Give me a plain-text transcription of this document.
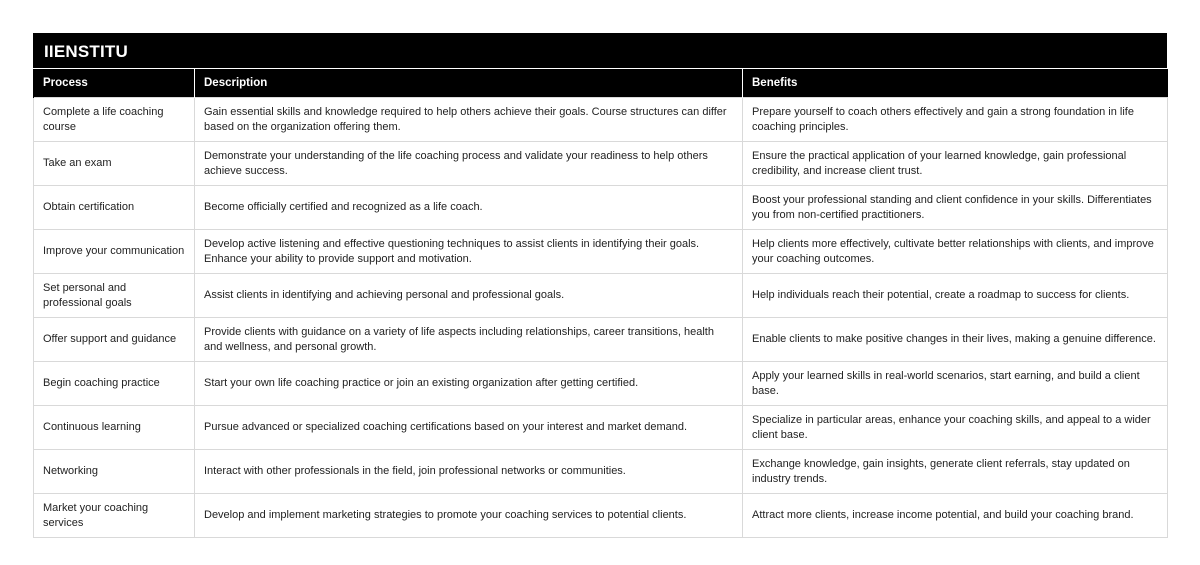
IIENSTITU
Process	Description	Benefits
Complete a life coaching course	Gain essential skills and knowledge required to help others achieve their goals. Course structures can differ based on the organization offering them.	Prepare yourself to coach others effectively and gain a strong foundation in life coaching principles.
Take an exam	Demonstrate your understanding of the life coaching process and validate your readiness to help others achieve success.	Ensure the practical application of your learned knowledge, gain professional credibility, and increase client trust.
Obtain certification	Become officially certified and recognized as a life coach.	Boost your professional standing and client confidence in your skills. Differentiates you from non-certified practitioners.
Improve your communication	Develop active listening and effective questioning techniques to assist clients in identifying their goals. Enhance your ability to provide support and motivation.	Help clients more effectively, cultivate better relationships with clients, and improve your coaching outcomes.
Set personal and professional goals	Assist clients in identifying and achieving personal and professional goals.	Help individuals reach their potential, create a roadmap to success for clients.
Offer support and guidance	Provide clients with guidance on a variety of life aspects including relationships, career transitions, health and wellness, and personal growth.	Enable clients to make positive changes in their lives, making a genuine difference.
Begin coaching practice	Start your own life coaching practice or join an existing organization after getting certified.	Apply your learned skills in real-world scenarios, start earning, and build a client base.
Continuous learning	Pursue advanced or specialized coaching certifications based on your interest and market demand.	Specialize in particular areas, enhance your coaching skills, and appeal to a wider client base.
Networking	Interact with other professionals in the field, join professional networks or communities.	Exchange knowledge, gain insights, generate client referrals, stay updated on industry trends.
Market your coaching services	Develop and implement marketing strategies to promote your coaching services to potential clients.	Attract more clients, increase income potential, and build your coaching brand.
